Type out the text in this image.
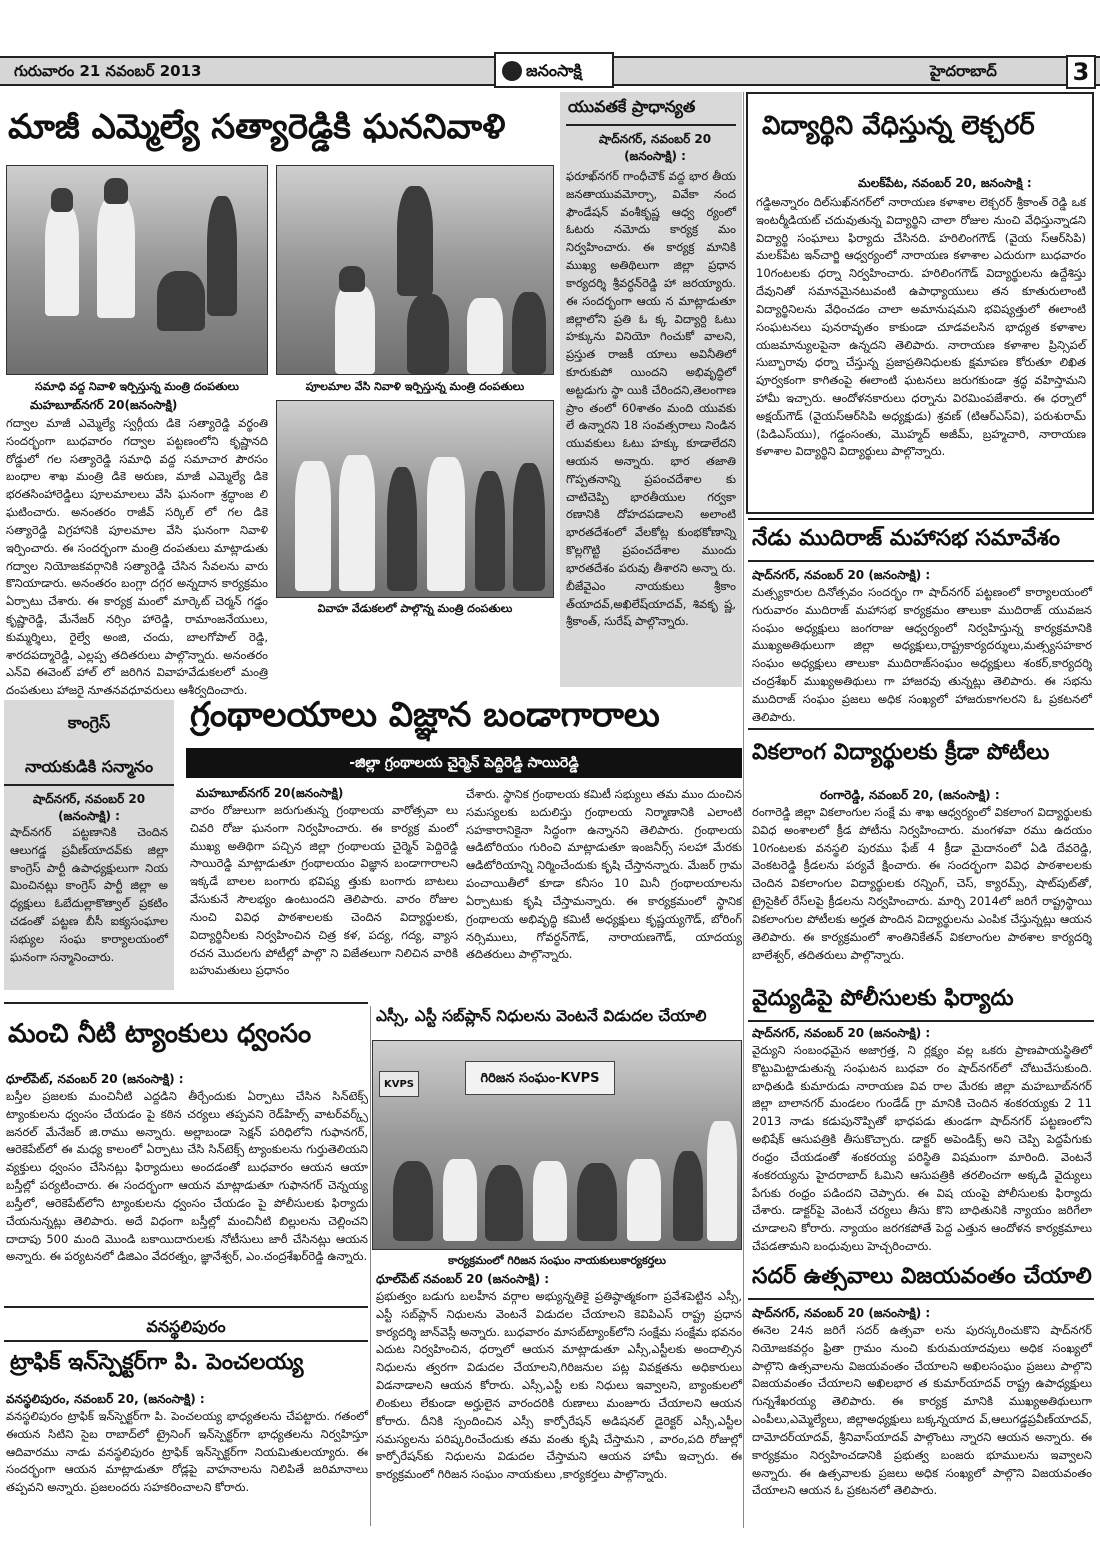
గురువారం 21 నవంబర్ 2013	జనంసాక్షి	హైదరాబాద్	3
మాజీ ఎమ్మెల్యే సత్యారెడ్డికి ఘననివాళి
సమాధి వద్ద నివాళి ఇర్పిస్తున్న మంత్రి దంపతులు	పూలమాల వేసి నివాళి ఇర్పిస్తున్న మంత్రి దంపతులు
మహబూబ్‌నగర్ 20(జనంసాక్షి)
వివాహ వేడుకలలో పాల్గొన్న మంత్రి దంపతులు
గద్వాల మాజీ ఎమ్మెల్యే స్వర్గీయ డికె సత్యారెడ్డి వర్థంతి సందర్భంగా బుధవారం గద్వాల పట్టణంలోని కృష్ణానది రోడ్డులో గల సత్యారెడ్డి సమాధి వద్ద సమాచార పౌరసం బంధాల శాఖ మంత్రి డికె అరుణ, మాజీ ఎమ్మెల్యే డికె భరతసింహారెడ్డిలు పూలమాలలు వేసి ఘనంగా శ్రద్ధాంజ లి ఘటించారు. అనంతరం రాజీవ్ సర్కిల్ లో గల డికె సత్యారెడ్డి విగ్రహానికి పూలమాల వేసి ఘనంగా నివాళి ఇర్పించారు. ఈ సందర్భంగా మంత్రి దంపతులు మాట్లాడుతు గద్వాల నియోజకవర్గానికి సత్యారెడ్డి చేసిన సేవలను వారు కొనియాడారు. అనంతరం బంగ్లా దగ్గర అన్నదాన కార్యక్రమం ఏర్పాటు చేశారు. ఈ కార్యక్ర మంలో మార్కెట్ చెర్మన్ గడ్డం కృష్ణారెడ్డి, మేనేజర్ నర్సిం హారెడ్డి, రామాంజనేయులు, కుమ్మర్శిలు, రైల్వే అంజి, చందు, బాలగోపాల్ రెడ్డి, శారదపద్మారెడ్డి, ఎల్లప్ప తదితరులు పాల్గొన్నారు. అనంతరం ఎన్‌వి ఈవెంట్ హాల్ లో జరిగిన వివాహవేడుకలలో మంత్రి దంపతులు హాజరై నూతనవధూవరులు ఆశీర్వదించారు.
యువతకే ప్రాధాన్యత
షాద్‌నగర్, నవంబర్ 20 (జనంసాక్షి) :
ఫరూఖ్‌నగర్ గాంధీచౌక్ వద్ద భార తీయ జనతాయువమోర్చా, వివేకా నంద ఫౌండేషన్ వంశీకృష్ణ ఆధ్వ ర్యంలో ఓటరు నమోదు కార్యక్ర మం నిర్వహించారు. ఈ కార్యక్ర మానికి ముఖ్య అతిథిలుగా జిల్లా ప్రధాన కార్యదర్శి శ్రీవర్ధన్‌రెడ్డి హా జరయ్యారు. ఈ సందర్భంగా ఆయ న మాట్లాడుతూ జిల్లాలోని ప్రతి ఓ క్క విద్యార్ది ఓటు హక్కును వినియో గించుకో వాలని, ప్రస్తుత రాజకీ యాలు అవినీతిలో కూరుకుపో యిందని అభివృద్ధిలో అట్టడుగు స్థా యికి చేరిందని,తెలంగాణ ప్రాం తంలో 60శాతం మంది యువకు లే ఉన్నారని 18 సంవత్సరాలు నిండిన యువకులు ఓటు హక్కు కూడాలేదని ఆయన అన్నారు. భార తజాతి గొప్పతనాన్ని ప్రపంచదేశాల కు చాటిచెప్పి భారతీయుల గర్వకా రణానికి దోహదపడాలని అలాంటి భారతదేశంలో వేలకోట్ల కుంభకోణాన్ని కొల్లగొట్టి ప్రపంచదేశాల ముందు భారతదేశం పరువు తీశారని అన్నా రు. బీజేవైఎం నాయకులు శ్రీకాం త్‌యాదవ్,అఖిలేష్‌యాదవ్, శివకృ ష్ణ, శ్రీకాంత్, సురేష్ పాల్గొన్నారు.
విద్యార్థిని వేధిస్తున్న లెక్చరర్
మలక్‌పేట, నవంబర్ 20, జనంసాక్షి :
గడ్డిఅన్నారం దిల్‌సుఖ్‌నగర్‌లో నారాయణ కళాశాల లెక్చరర్ శ్రీకాంత్ రెడ్డి ఒక ఇంటర్మీడియట్ చదువుతున్న విద్యార్థిని చాలా రోజుల నుంచి వేధిస్తున్నాడని విద్యార్థి సంఘాలు ఫిర్యాదు చేసినది. హరిలింగగౌడ్ (వైయ స్‌ఆర్‌సిపి) మలక్‌పేట ఇన్‌చార్జి ఆధ్వర్యంలో నారాయణ కళాశాల ఎదురుగా బుధవారం 10గంటలకు ధర్నా నిర్వహించారు. హరిలింగగౌడ్ విద్యార్థులను ఉద్దేశిస్తు దేవునితో సమానమైనటువంటి ఉపాధ్యాయులు తన కూతురులాంటి విద్యార్థినిలను వేధించడం చాలా అమానుషమని భవిష్యత్తులో ఈలాంటి సంఘటనలు పునరావృతం కాకుండా చూడవలసిన భాధ్యత కళాశాల యజమాన్యులపైనా ఉన్నదని తెలిపారు. నారాయణ కళాశాల ప్రిన్సిపల్ సుబ్బారావు ధర్నా చేస్తున్న ప్రజాప్రతినిధులకు క్షమాపణ కోరుతూ లిఖిత పూర్వకంగా కాగితంపై ఈలాంటి ఘటనలు జరుగకుండా శ్రద్ధ వహిస్తామని హామీ ఇచ్చారు. ఆందోళనకారులు ధర్నాను విరమింపజేశారు. ఈ ధర్నాలో అక్షయ్‌గౌడ్ (వైయస్‌ఆర్‌సిపి అధ్యక్షుడు) శ్రవణ్ (టిఆర్‌ఎస్‌వి), పరుశురామ్ (పిడిఎస్‌యు), గడ్డంసంతు, మొహ్మద్ అజీమ్, బ్రహ్మచారి, నారాయణ కళాశాల విద్యార్థిని విద్యార్థులు పాల్గొన్నారు.
నేడు ముదిరాజ్ మహాసభ సమావేశం
షాద్‌నగర్, నవంబర్ 20 (జనంసాక్షి) :
మత్స్యకారుల దినోత్సవం సందర్భం గా షాద్‌నగర్ పట్టణంలో కార్యాలయంలో గురువారం ముదిరాజ్ మహాసభ కార్యక్రమం తాలుకా ముదిరాజ్ యువజన సంఘం అధ్యక్షులు జంగరాజు ఆధ్వర్యంలో నిర్వహిస్తున్న కార్యక్రమానికి ముఖ్యఅతిథులుగా జిల్లా అధ్యక్షులు,రాష్ట్రకార్యదర్శులు,మత్స్యసహకార సంఘం అధ్యక్షులు తాలుకా ముదిరాజ్‌సంఘం అధ్యక్షులు శంకర్,కార్యదర్శి చంద్రశేఖర్ ముఖ్యఅతిథులు గా హాజరవు తున్నట్లు తెలిపారు. ఈ సభను ముదిరాజ్ సంఘం ప్రజలు అధిక సంఖ్యలో హాజరుకాగలరని ఓ ప్రకటనలో తెలిపారు.
కాంగ్రెస్
నాయకుడికి సన్మానం
షాద్‌నగర్, నవంబర్ 20 (జనంసాక్షి) :
షాద్‌నగర్ పట్టణానికి చెందిన ఆలుగడ్డ ప్రవీణ్‌యాదవ్‌కు జిల్లా కాంగ్రెస్ పార్టీ ఉపాధ్యక్షులుగా నియ మించినట్లు కాంగ్రెస్ పార్టీ జిల్లా అ ధ్యక్షులు ఓబేదుల్లాకొత్వాల్ ప్రకటిం చడంతో పట్టణ బీసీ ఐక్యసంఘాల సభ్యుల సంఘ కార్యాలయంలో ఘనంగా సన్మానించారు.
గ్రంథాలయాలు విజ్ఞాన బండాగారాలు
-జిల్లా గ్రంథాలయ చైర్మెన్ పెద్దిరెడ్డి సాయిరెడ్డి
మహబూబ్‌నగర్ 20(జనంసాక్షి)
వారం రోజులుగా జరుగుతున్న గ్రంథాలయ వారోత్సవా లు చివరి రోజు ఘనంగా నిర్వహించారు. ఈ కార్యక్ర మంలో ముఖ్య అతిథిగా పచ్చిన జిల్లా గ్రంథాలయ చైర్మెన్ పెద్దిరెడ్డి సాయిరెడ్డి మాట్లాడుతూ గ్రంథాలయం విజ్ఞాన బండాగారాలని ఇక్కడే బాలల బంగారు భవిష్య త్తుకు బంగారు బాటలు వేసుకునే సౌలభ్యం ఉంటుందని తెలిపారు. వారం రోజుల నుంచి వివిధ పాఠశాలలకు చెందిన విద్యార్థులకు, విద్యార్థినీలకు నిర్వహించిన చిత్ర కళ, పద్య, గద్య, వ్యాస రచన మొదలగు పోటీల్లో పాల్గొ ని విజేతలుగా నిలిచిన వారికి బహుమతులు ప్రధానం
చేశారు. స్థానిక గ్రంథాలయ కమిటీ సభ్యులు తమ ముం దుంచిన సమస్యలకు బదులిస్తు గ్రంథాలయ నిర్మాణానికి ఎలాంటి సహకారానికైనా సిద్ధంగా ఉన్నానని తెలిపారు. గ్రంథాలయ ఆడిటోరియం గురించి మాట్లాడుతూ ఇంజనీర్స్ సలహా మేరకు ఆడిటోరియాన్ని నిర్మించేందుకు కృషి చేస్తానన్నారు. మేజర్ గ్రామ పంచాయితీలో కూడా కనీసం 10 మినీ గ్రంథాలయాలను ఏర్పాటుకు కృషి చేస్తామన్నారు. ఈ కార్యక్రమంలో స్థానిక గ్రంథాలయ అభివృద్ధి కమిటీ అధ్యక్షులు కృష్ణయ్యగౌడ్, బోరింగ్ నర్సిములు, గోవర్ధన్‌గౌడ్, నారాయణగౌడ్, యాదయ్య తదితరులు పాల్గొన్నారు.
వికలాంగ విద్యార్థులకు క్రీడా పోటీలు
రంగారెడ్డి, నవంబర్ 20, (జనంసాక్షి) :
రంగారెడ్డి జిల్లా వికలాంగుల సంక్షే మ శాఖ ఆధ్వర్యంలో వికలాంగ విద్యార్థులకు వివిధ అంశాలలో క్రీడ పోటీను నిర్వహించారు. మంగళవా రము ఉదయం 10గంటలకు వనస్థలి పురము ఫేజ్ 4 క్రీడా మైదానంలో ఏడి దేవరెడ్డి, వెంకటరెడ్డి క్రీడలను పర్యవే క్షించారు. ఈ సందర్భంగా వివిధ పాఠశాలలకు చెందిన వికలాంగుల విద్యార్థులకు రన్నింగ్, చెస్, క్యారమ్స్, షాట్‌పుట్‌తో, ట్రైసైకిల్ రేస్‌లపై క్రీడలను నిర్వహించారు. మార్చి 2014లో జరిగే రాష్ట్రస్థాయి వికలాంగుల పోటీలకు అర్హత పొందిన విద్యార్థులను ఎంపిక చేస్తున్నట్లు ఆయన తెలిపారు. ఈ కార్యక్రమంలో శాంతినికేతన్ వికలాంగుల పాఠశాల కార్యదర్శి బాలేశ్వర్, తదితరులు పాల్గొన్నారు.
వైద్యుడిపై పోలీసులకు ఫిర్యాదు
షాద్‌నగర్, నవంబర్ 20 (జనంసాక్షి) :
వైద్యుని సంబంధమైన అజాగ్రత్త, ని ర్లక్ష్యం వల్ల ఒకరు ప్రాణపాయస్థితిలో కొట్టుమిట్టాడుతున్న సంఘటన బుధవా రం షాద్‌నగర్‌లో చోటుచేసుకుంది. బాధితుడి కుమారుడు నారాయణ వివ రాల మేరకు జిల్లా మహబూబ్‌నగర్ జిల్లా బాలానగర్ మండలం గుండేడ్ గ్రా మానికి చెందిన శంకరయ్యకు 2 11 2013 నాడు కడుపునొప్పితో భాధపడు తుండగా షాద్‌నగర్ పట్టణంలోని అభిషేక్ ఆసుపత్రికి తీసుకొచ్చారు. డాక్టర్ అపెండిక్స్ అని చెప్పి పెద్దపేగుకు రంధ్రం చేయడంతో శంకరయ్య పరిస్థితి విషమంగా మారింది. వెంటనే శంకరయ్యను హైదరాబాద్ ఓమిని ఆసుపత్రికి తరలించగా అక్కడి వైద్యులు పేగుకు రంధ్రం పడిందని చెప్పారు. ఈ విష యంపై పోలీసులకు ఫిర్యాదు చేశారు. డాక్టర్‌పై వెంటనే చర్యలు తీసు కొని బాధితునికి న్యాయం జరిగేలా చూడాలని కోరారు. న్యాయం జరగకపోతే పెద్ద ఎత్తున ఆందోళన కార్యక్రమాలు చేపడతామని బంధువులు హెచ్చరించారు.
మంచి నీటి ట్యాంకులు ధ్వంసం
ధూల్‌పేట్, నవంబర్ 20 (జనంసాక్షి) :
బస్తీల ప్రజలకు మంచినీటి ఎద్దడిని తీర్చేందుకు ఏర్పాటు చేసిన సిన్‌టెక్స్ ట్యాంకులను ధ్వంసం చేయడం పై కఠిన చర్యలు తప్పవని రెడ్‌హిల్స్ వాటర్‌వర్క్స్ జనరల్ మేనేజర్ జి.రాము అన్నారు. అల్లాబండా సెక్షన్ పరిధిలోని గుఫానగర్, ఆరెకెపేట్‌లో ఈ మధ్య కాలంలో ఏర్పాటు చేసి సిన్‌టెక్స్ ట్యాంకులను గుర్తుతెలియని వ్యక్తులు ధ్వంసం చేసినట్లు ఫిర్యాదులు అందడంతో బుధవారం ఆయన ఆయా బస్తీల్లో పర్యటించారు. ఈ సందర్భంగా ఆయన మాట్లాడుతూ గుఫానగర్ చెన్నయ్య బస్తీలో, ఆరెకెపేట్‌లోని ట్యాంకులను ధ్వంసం చేయడం పై పోలీసులకు ఫిర్యాదు చేయనున్నట్లు తెలిపారు. అదే విధంగా బస్తీల్లో మంచినీటి బిల్లులను చెల్లించని దాదాపు 500 మంది మొండి బకాయిదారులకు నోటీసులు జారీ చేసినట్లు ఆయన అన్నారు. ఈ పర్యటనలో డిజిఎం వేదరత్నం, జ్ఞానేశ్వర్, ఎం.చంద్రశేఖర్‌రెడ్డి ఉన్నారు.
ఎస్సీ, ఎస్టీ సబ్‌ప్లాన్ నిధులను వెంటనే విడుదల చేయాలి
గిరిజన సంఘం-KVPS
KVPS
కార్యక్రమంలో గిరిజన సంఘం నాయకులుకార్యకర్తలు
ధూల్‌పేట్ నవంబర్ 20 (జనంసాక్షి) :
ప్రభుత్వం బడుగు బలహీన వర్గాల అభ్యున్నతికై ప్రతిష్ఠాత్మకంగా ప్రవేశపెట్టిన ఎస్సీ, ఎస్టీ సబ్‌ప్లాన్ నిధులను వెంటనే విడుదల చేయాలని కెవిపిఎస్ రాష్ట్ర ప్రధాన కార్యదర్శి జాన్‌వెస్లీ అన్నారు. బుధవారం మాసబ్‌ట్యాంక్‌లోని సంక్షేమ సంక్షేమ భవనం ఎదుట నిర్వహించిన, ధర్నాలో ఆయన మాట్లాడుతూ ఎస్సీ,ఎస్టీలకు అందాల్సిన నిధులను త్వరగా విడుదల చేయాలని,గిరిజనుల పట్ల వివక్షతను అధికారులు విడనాడాలని ఆయన కోరారు. ఎస్సీ,ఎస్టీ లకు నిధులు ఇవ్వాలని, బ్యాంకులలో లింకులు లేకుండా అర్హులైన వారందరికి రుణాలు మంజూరు చేయాలని ఆయన కోరారు. దీనికి స్పందించిన ఎస్సీ కార్పోరేషన్ అడిషనల్ డైరెక్టర్ ఎస్సీ,ఎస్టీల సమస్యలను పరిష్కరించేందుకు తమ వంతు కృషి చేస్తామని , వారం,పది రోజుల్లో కార్పోరేషన్‌కు నిధులను విడుదల చేస్తామని ఆయన హామీ ఇచ్చారు. ఈ కార్యక్రమంలో గిరిజన సంఘం నాయకులు ,కార్యకర్తలు పాల్గొన్నారు.
వనస్థలిపురం
ట్రాఫిక్ ఇన్‌స్పెక్టర్‌గా పి. పెంచలయ్య
వనస్థలిపురం, నవంబర్ 20, (జనంసాక్షి) :
వనస్థలిపురం ట్రాఫిక్ ఇన్‌స్పెక్టర్‌గా పి. పెంచలయ్య భాధ్యతలను చేపట్టారు. గతంలో ఈయన సిటిని సైబ రాబాద్‌లో ట్రైనింగ్ ఇన్‌స్పెక్టర్‌గా భాధ్యతలను నిర్వహిస్తూ ఆదివారము నాడు వనస్థలిపురం ట్రాఫిక్ ఇన్‌స్పెక్టర్‌గా నియమితులయ్యారు. ఈ సందర్భంగా ఆయన మాట్లాడుతూ రోడ్లపై వాహనాలను నిలిపితే జరిమానాలు తప్పవని అన్నారు. ప్రజలందరు సహకరించాలని కోరారు.
సదర్ ఉత్సవాలు విజయవంతం చేయాలి
షాద్‌నగర్, నవంబర్ 20 (జనంసాక్షి) :
ఈనెల 24న జరిగే సదర్ ఉత్సవా లను పురస్కరించుకొని షాద్‌నగర్ నియోజకవర్గం ఫ్రితా గ్రామం నుంచి కురుమయాదవులు అధిక సంఖ్యలో పాల్గొని ఉత్సవాలను విజయవంతం చేయాలని అఖిలసంఘం ప్రజలు పాల్గొని విజయవంతం చేయాలని అఖిలభార త కుమార్‌యాదవ్ రాష్ట్ర ఉపాధ్యక్షులు గున్నశేఖరయ్య తెలిపారు. ఈ కార్యక్ర మానికి ముఖ్యఅతిథులుగా ఎంపీలు,ఎమ్మెల్యేలు, జిల్లాఅధ్యక్షులు బక్కన్నయాద వ్,ఆలుగడ్డప్రవీణ్‌యాదవ్, దామోదర్‌యాదవ్, శ్రీనివాస్‌యాదవ్ పాల్గొంటు న్నారని ఆయన అన్నారు. ఈ కార్యక్రమం నిర్వహించడానికి ప్రభుత్వ బంజరు భూములను ఇవ్వాలని అన్నారు. ఈ ఉత్సవాలకు ప్రజలు అధిక సంఖ్యలో పాల్గొని విజయవంతం చేయాలని ఆయన ఓ ప్రకటనలో తెలిపారు.
